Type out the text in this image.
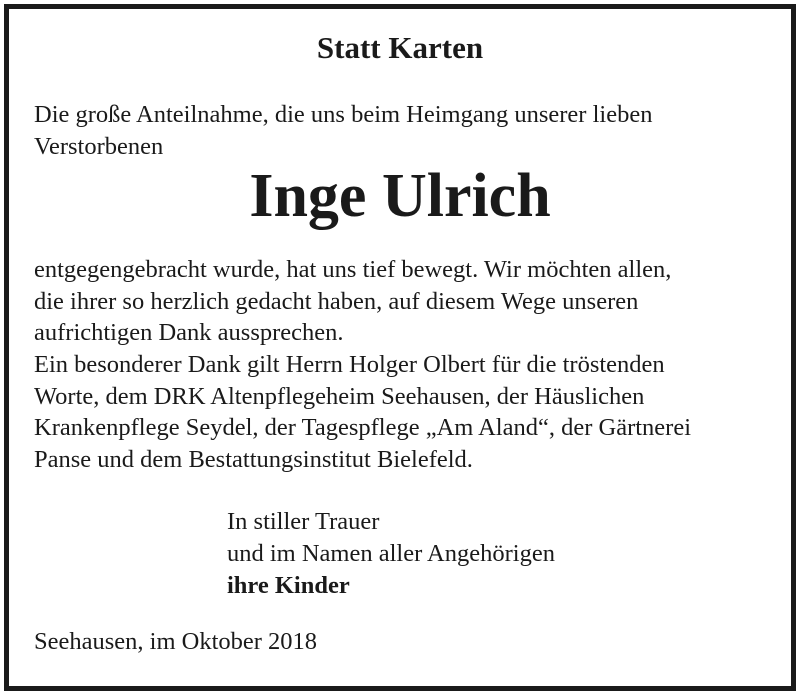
Statt Karten
Die große Anteilnahme, die uns beim Heimgang unserer lieben
Verstorbenen
Inge Ulrich
entgegengebracht wurde, hat uns tief bewegt. Wir möchten allen,
die ihrer so herzlich gedacht haben, auf diesem Wege unseren
aufrichtigen Dank aussprechen.
Ein besonderer Dank gilt Herrn Holger Olbert für die tröstenden
Worte, dem DRK Altenpflegeheim Seehausen, der Häuslichen
Krankenpflege Seydel, der Tagespflege „Am Aland“, der Gärtnerei
Panse und dem Bestattungsinstitut Bielefeld.
In stiller Trauer
und im Namen aller Angehörigen
ihre Kinder
Seehausen, im Oktober 2018
